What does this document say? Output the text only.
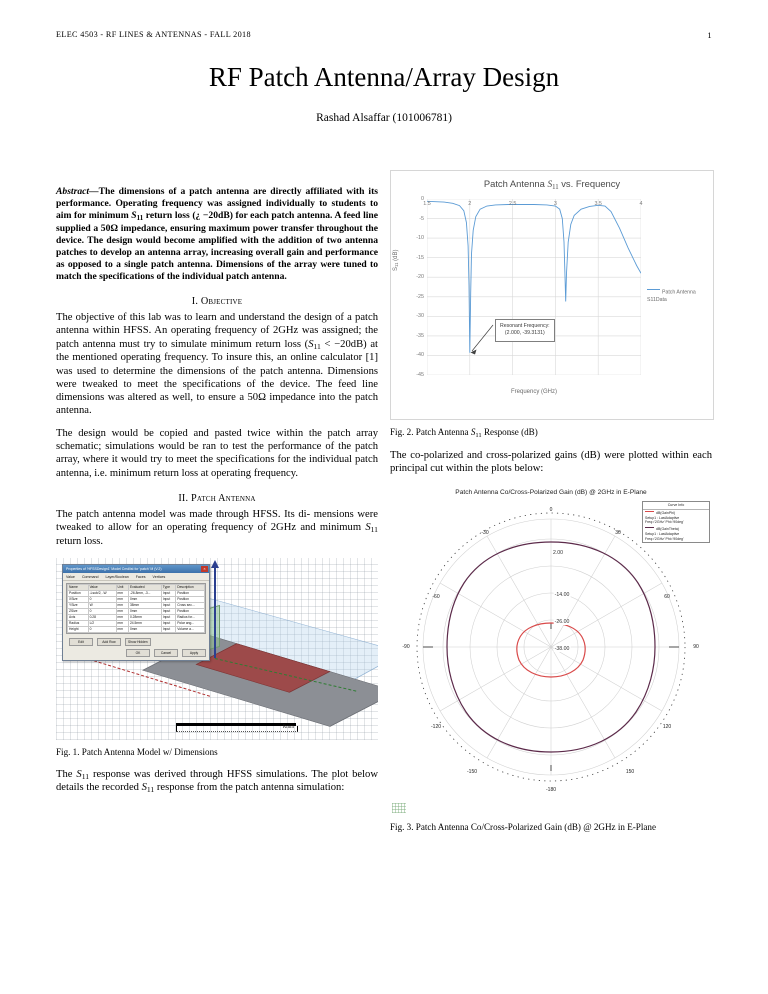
ELEC 4503 - RF LINES & ANTENNAS - FALL 2018	1
RF Patch Antenna/Array Design
Rashad Alsaffar (101006781)

Abstract—The dimensions of a patch antenna are directly affiliated with its performance. Operating frequency was assigned individually to students to aim for minimum $S_{11}$ return loss (¿ −20dB) for each patch antenna. A feed line supplied a 50Ω impedance, ensuring maximum power transfer throughout the device. The design would become amplified with the addition of two antenna patches to develop an antenna array, increasing overall gain and performance as opposed to a single patch antenna. Dimensions of the array were tuned to match the specifications of the individual patch antenna.

I. Objective

The objective of this lab was to learn and understand the design of a patch antenna within HFSS. An operating frequency of 2GHz was assigned; the patch antenna must try to simulate minimum return loss $(S_{11} < -20dB)$ at the mentioned operating frequency. To insure this, an online calculator [1] was used to determine the dimensions of the patch antenna. Dimensions were tweaked to meet the specifications of the device. The feed line dimensions was altered as well, to ensure a 50Ω impedance into the patch antenna.

The design would be copied and pasted twice within the patch array schematic; simulations would be ran to test the performance of the patch array, where it would try to meet the specifications for the individual patch antenna, i.e. minimum return loss at operating frequency.

II. Patch Antenna

The patch antenna model was made through HFSS. Its di- mensions were tweaked to allow for an operating frequency of 2GHz and minimum $S_{11}$ return loss.

Rmm
Properties of 'HFSSDesign1' Model Cmdlist for 'patch' M (V.2)	×
Value Command Layer/Boolean Faces Vertices
Name	Value	Unit	Evaluated	Type	Description
Position	-Lsub/2, -W	mm	-26.8mm, -3...	Input	Position
XSize	0	mm	0mm	Input	Position
YSize	W	mm	38mm	Input	Cross sec...
ZSize	0	mm	0mm	Input	Position
Axis	0.28	mm	0.28mm	Input	Radius for...
Radius	L/2	mm	24.5mm	Input	Polar ang...
Height	0	mm	0mm	Input	Volume a...
Edit	Add Row	Show Hidden
OK	Cancel	Apply

Fig. 1. Patch Antenna Model w/ Dimensions

The $S_{11}$ response was derived through HFSS simulations. The plot below details the recorded $S_{11}$ response from the patch antenna simulation:

Patch Antenna $S_{11}$ vs. Frequency
$S_{11}$ (dB)
0
-5
-10
-15
-20
-25
-30
-35
-40
-45
1.5	2	2.5	3	3.5	4
Resonant Frequency:
(2.000, -39.3131)
Patch Antenna S11Data
Frequency (GHz)

Fig. 2. Patch Antenna $S_{11}$ Response (dB)

The co-polarized and cross-polarized gains (dB) were plotted within each principal cut within the plots below:

Patch Antenna Co/Cross-Polarized Gain (dB) @ 2GHz in E-Plane
0
-30	30
-60	60
-90	90
-120	120
-150	150
-180
2.00
-14.00
-26.00
-38.00
Curve Info
dB(GainPhi)
Setup1 : LastAdaptive
Freq='2GHz' Phi='90deg'
dB(GainTheta)
Setup1 : LastAdaptive
Freq='2GHz' Phi='90deg'

Fig. 3. Patch Antenna Co/Cross-Polarized Gain (dB) @ 2GHz in E-Plane
